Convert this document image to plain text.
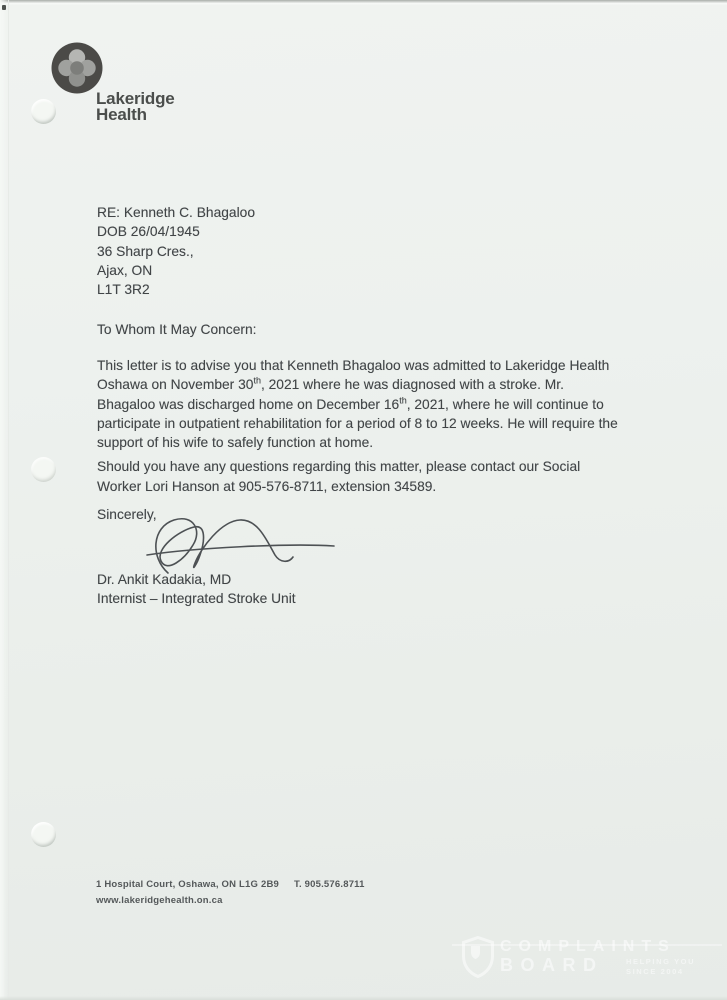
Lakeridge
Health
RE: Kenneth C. Bhagaloo
DOB 26/04/1945
36 Sharp Cres.,
Ajax, ON
L1T 3R2
To Whom It May Concern:

This letter is to advise you that Kenneth Bhagaloo was admitted to Lakeridge Health
Oshawa on November 30th, 2021 where he was diagnosed with a stroke. Mr.
Bhagaloo was discharged home on December 16th, 2021, where he will continue to
participate in outpatient rehabilitation for a period of 8 to 12 weeks. He will require the
support of his wife to safely function at home.

Should you have any questions regarding this matter, please contact our Social
Worker Lori Hanson at 905-576-8711, extension 34589.

Sincerely,
Dr. Ankit Kadakia, MD
Internist – Integrated Stroke Unit
1 Hospital Court, Oshawa, ON L1G 2B9 T. 905.576.8711
www.lakeridgehealth.on.ca
COMPLAINTS
BOARD	HELPING YOU
SINCE 2004
